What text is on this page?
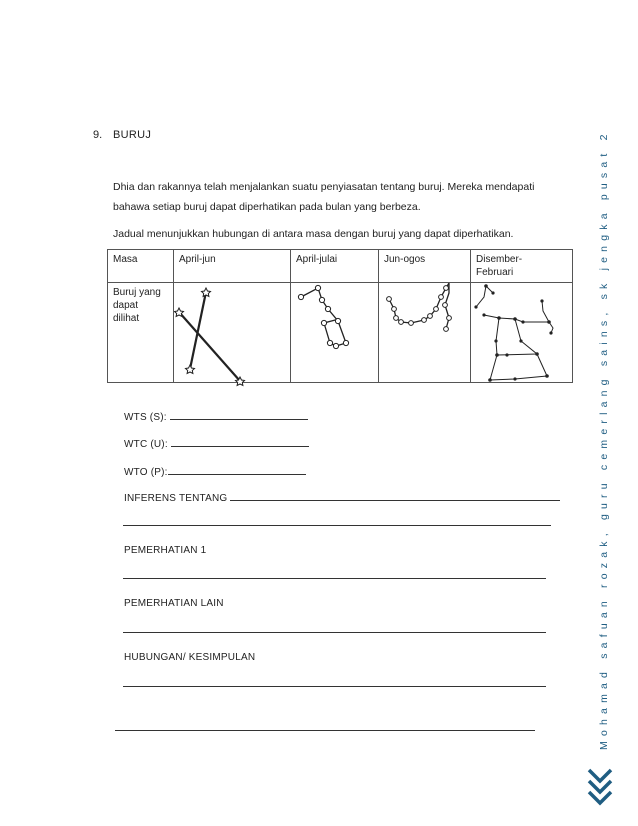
9. BURUJ
Dhia dan rakannya telah menjalankan suatu penyiasatan tentang buruj. Mereka mendapati
bahawa setiap buruj dapat diperhatikan pada bulan yang berbeza.
Jadual menunjukkan hubungan di antara masa dengan buruj yang dapat diperhatikan.
Masa	April-jun	April-julai	Jun-ogos	Disember-
Februari
Buruj yang
dapat
dilihat	

WTS (S):
WTC (U):
WTO (P):
INFERENS TENTANG
PEMERHATIAN 1
PEMERHATIAN LAIN
HUBUNGAN/ KESIMPULAN	Mohamad safuan rozak, guru cemerlang sains, sk jengka pusat 2
